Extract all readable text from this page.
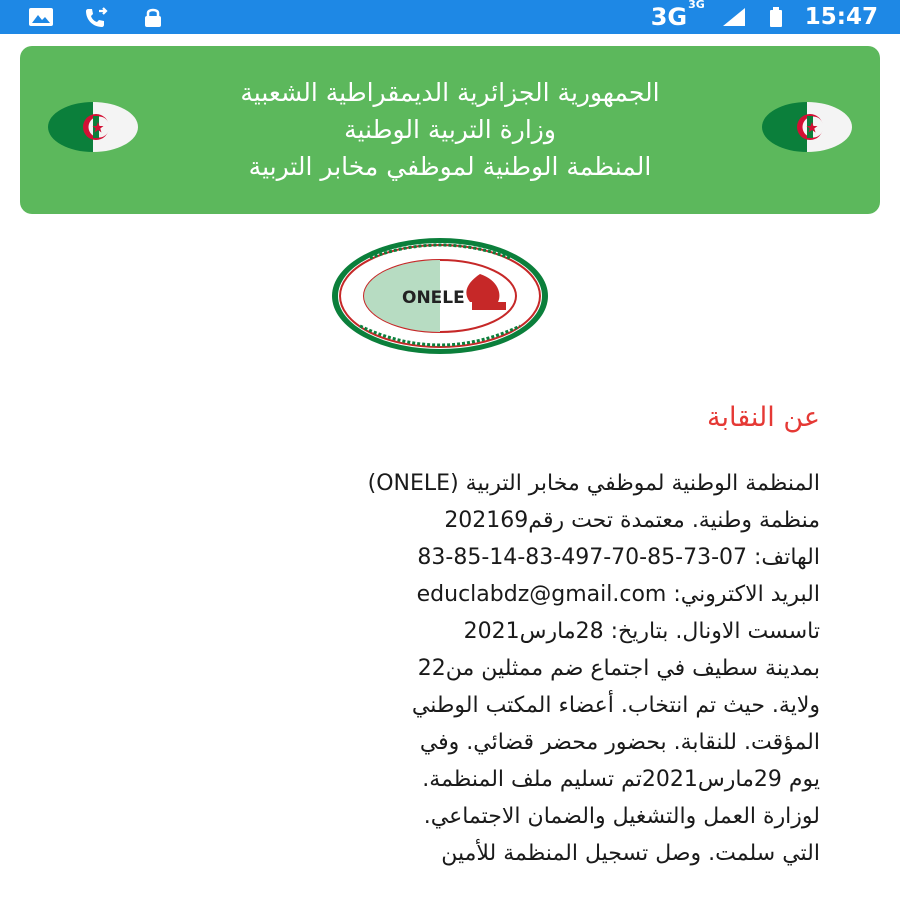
$3G^{3G}$	15:47
الجمهورية الجزائرية الديمقراطية الشعبية
وزارة التربية الوطنية
المنظمة الوطنية لموظفي مخابر التربية
ONELE
عن النقابة
المنظمة الوطنية لموظفي مخابر التربية (ONELE)
منظمة وطنية. معتمدة تحت رقم202169
الهاتف: 07-73-85-70-497-83-14-85-83
البريد الاكتروني: educlabdz@gmail.com
تاسست الاونال. بتاريخ: 28مارس2021
بمدينة سطيف في اجتماع ضم ممثلين من22
ولاية. حيث تم انتخاب. أعضاء المكتب الوطني
المؤقت. للنقابة. بحضور محضر قضائي. وفي
يوم 29مارس2021تم تسليم ملف المنظمة.
لوزارة العمل والتشغيل والضمان الاجتماعي.
التي سلمت. وصل تسجيل المنظمة للأمين
